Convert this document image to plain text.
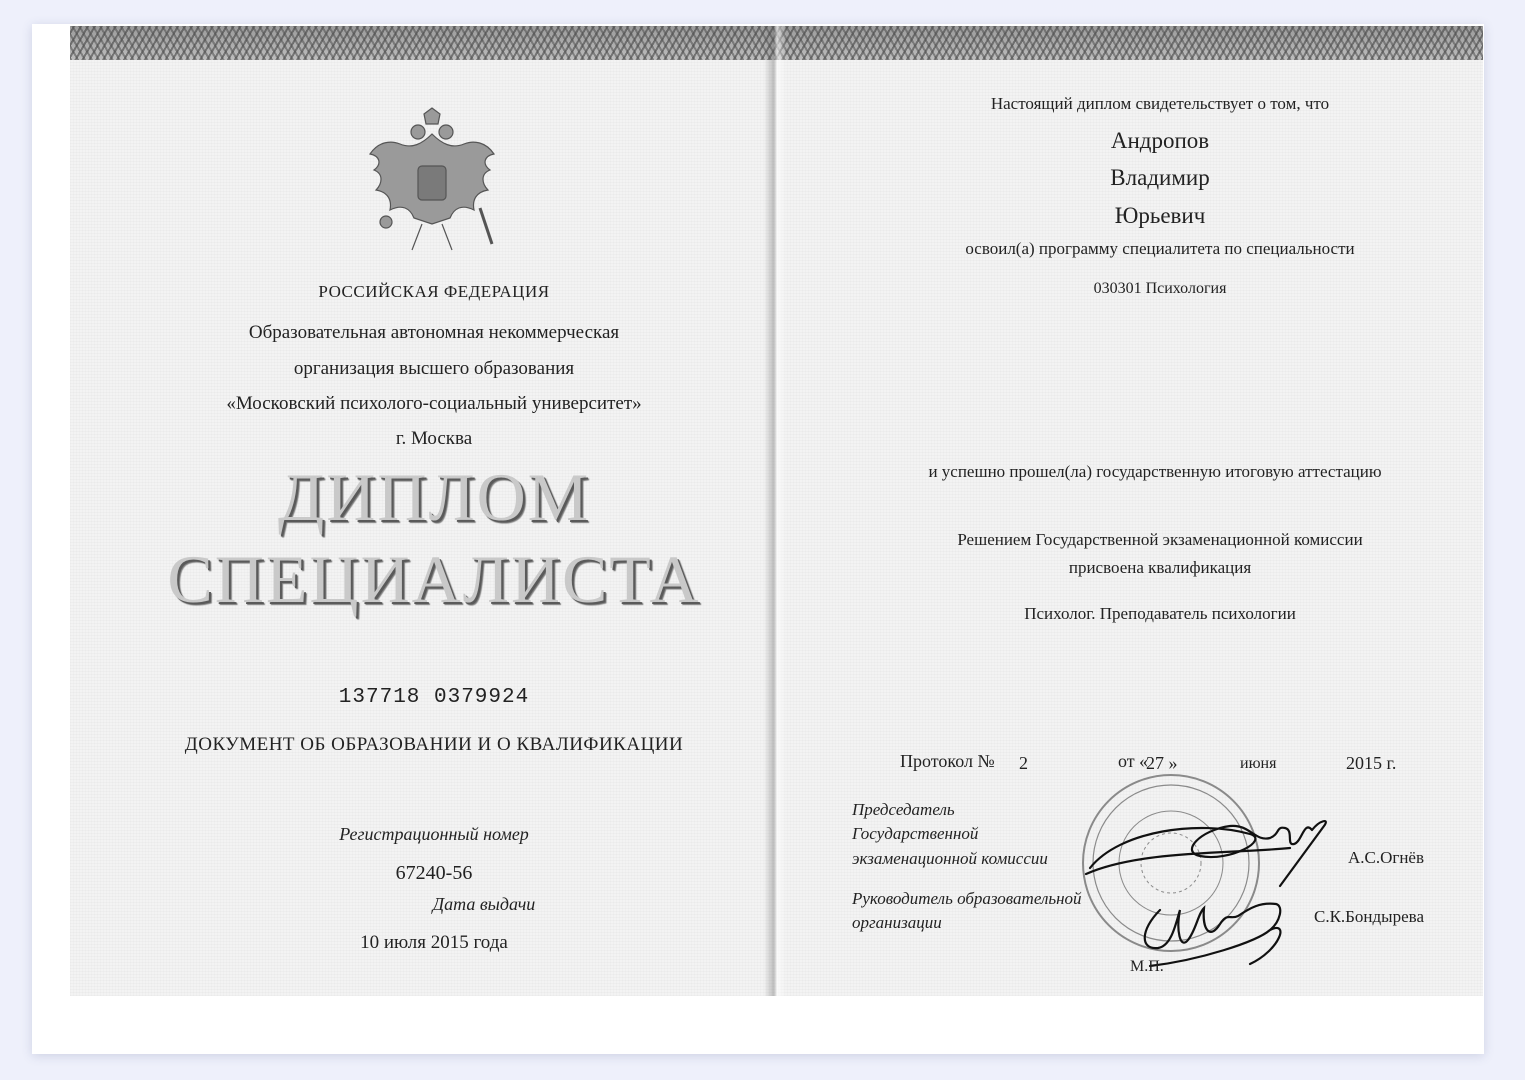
РОССИЙСКАЯ ФЕДЕРАЦИЯ
Образовательная автономная некоммерческая
организация высшего образования
«Московский психолого-социальный университет»
г. Москва
ДИПЛОМ
СПЕЦИАЛИСТА
137718 0379924
ДОКУМЕНТ ОБ ОБРАЗОВАНИИ И О КВАЛИФИКАЦИИ
Регистрационный номер
67240-56
Дата выдачи
10 июля 2015 года
Настоящий диплом свидетельствует о том, что
Андропов
Владимир
Юрьевич
освоил(а) программу специалитета по специальности
030301 Психология
и успешно прошел(ла) государственную итоговую аттестацию
Решением Государственной экзаменационной комиссии
присвоена квалификация
Психолог. Преподаватель психологии
Протокол № 2	от «
27 »	июня	2015 г.
Председатель
Государственной
экзаменационной комиссии
Руководитель образовательной
организации
А.С.Огнёв
С.К.Бондырева
М.П.
